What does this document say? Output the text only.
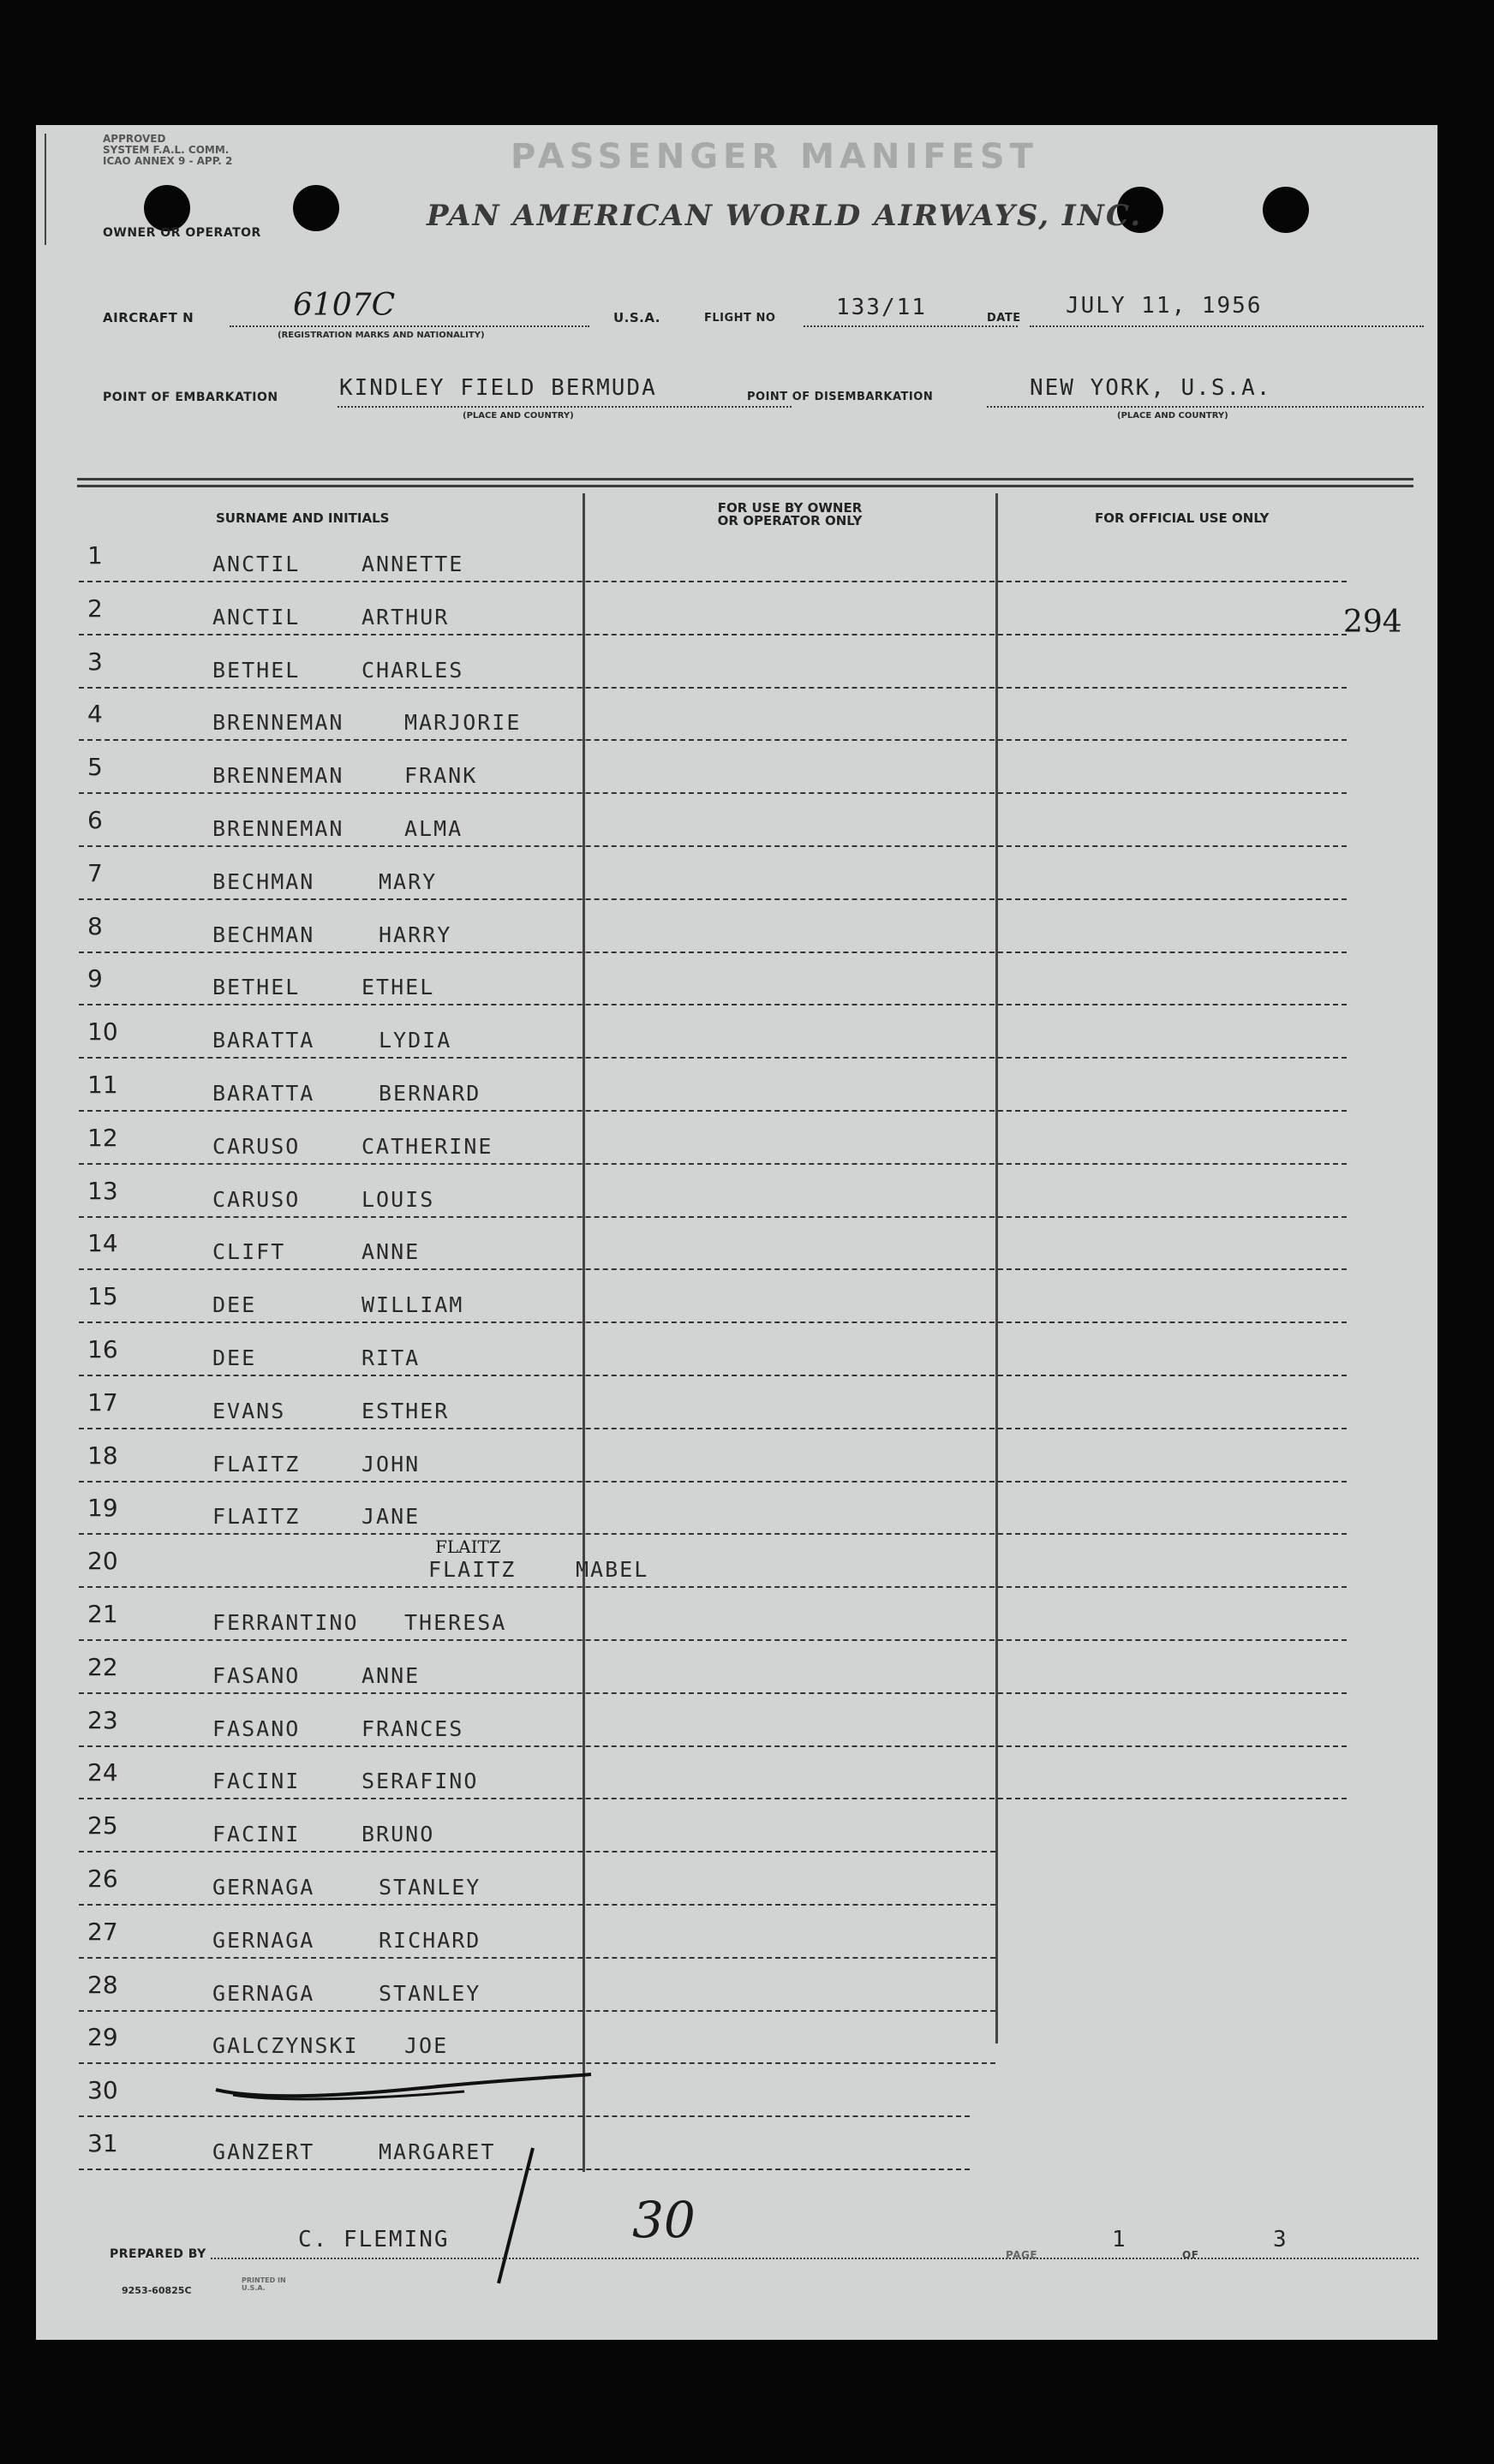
APPROVED
SYSTEM F.A.L. COMM.
ICAO ANNEX 9 - APP. 2	PASSENGER MANIFEST
PAN AMERICAN WORLD AIRWAYS, INC.
OWNER OR OPERATOR
AIRCRAFT N	6107C
(REGISTRATION MARKS AND NATIONALITY)
U.S.A.	FLIGHT NO	133/11	DATE JULY 11, 1956
POINT OF EMBARKATION	KINDLEY FIELD BERMUDA
(PLACE AND COUNTRY)
POINT OF DISEMBARKATION	NEW YORK, U.S.A.
(PLACE AND COUNTRY)
SURNAME AND INITIALS
FOR USE BY OWNER
OR OPERATOR ONLY	FOR OFFICIAL USE ONLY
294
1	ANCTIL	ANNETTE
2	ANCTIL	ARTHUR
3	BETHEL	CHARLES
4	BRENNEMAN	MARJORIE
5	BRENNEMAN	FRANK
6	BRENNEMAN	ALMA
7	BECHMAN	MARY
8	BECHMAN	HARRY
9	BETHEL	ETHEL
10	BARATTA	LYDIA
11	BARATTA	BERNARD
12	CARUSO	CATHERINE
13	CARUSO	LOUIS
14	CLIFT	ANNE
15	DEE	WILLIAM
16	DEE	RITA
17	EVANS	ESTHER
18	FLAITZ	JOHN
19	FLAITZ	JANE
20	FLAITZ	MABEL
21	FERRANTINO THERESA
22	FASANO	ANNE
23	FASANO	FRANCES
24	FACINI	SERAFINO
25	FACINI	BRUNO
26	GERNAGA	STANLEY
27	GERNAGA	RICHARD
28	GERNAGA	STANLEY
29	GALCZYNSKI JOE
30
31	GANZERT	MARGARET
FLAITZ
30
PREPARED BY
C. FLEMING
PAGE
1
OF
3
9253-60825C
PRINTED IN U.S.A.
